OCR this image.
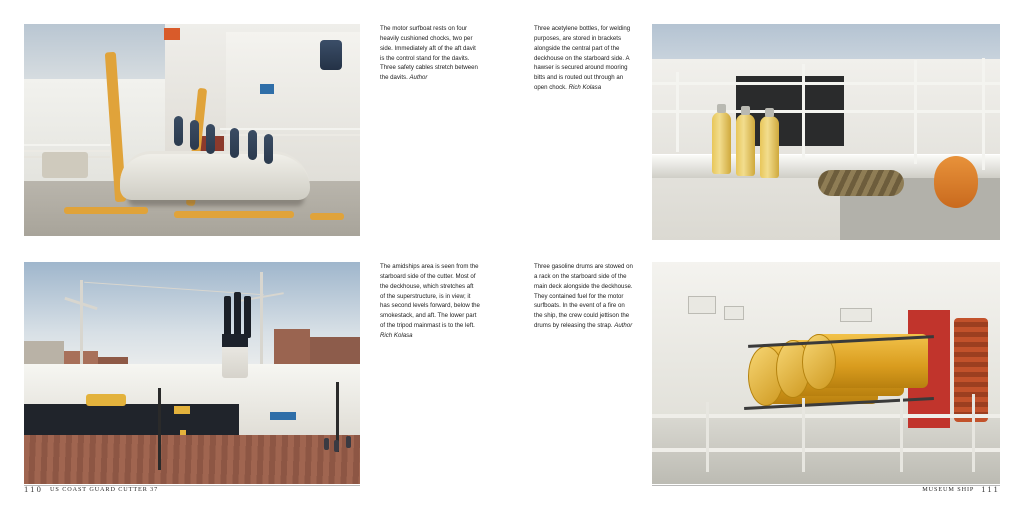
The motor surfboat rests on four heavily cushioned chocks, two per side. Immediately aft of the aft davit is the control stand for the davits. Three safety cables stretch between the davits. Author
The amidships area is seen from the starboard side of the cutter. Most of the deckhouse, which stretches aft of the superstructure, is in view; it has second levels forward, below the smokestack, and aft. The lower part of the tripod mainmast is to the left. Rich Kolasa
110 US COAST GUARD CUTTER 37
Three acetylene bottles, for welding purposes, are stored in brackets alongside the central part of the deckhouse on the starboard side. A hawser is secured around mooring bitts and is routed out through an open chock. Rich Kolasa
Three gasoline drums are stowed on a rack on the starboard side of the main deck alongside the deckhouse. They contained fuel for the motor surfboats. In the event of a fire on the ship, the crew could jettison the drums by releasing the strap. Author
MUSEUM SHIP 111
